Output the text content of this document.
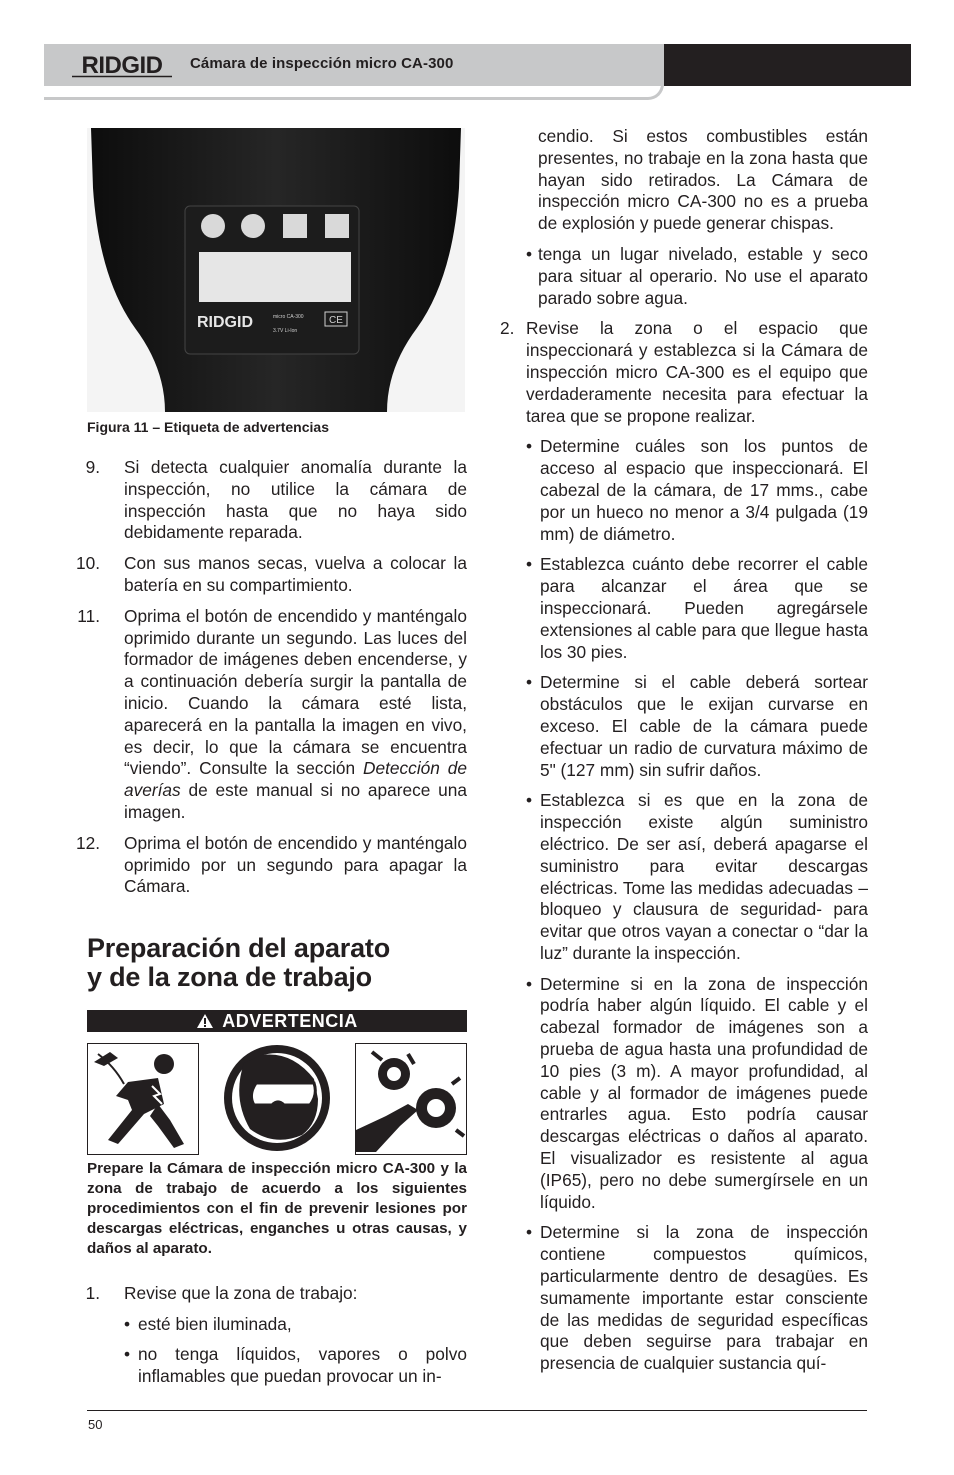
RIDGID Cámara de inspección micro CA-300
RIDGID	micro CA-300
3.7V Li-Ion
CE
Figura 11 – Etiqueta de advertencias
9. Si detecta cualquier anomalía durante la inspección, no utilice la cámara de inspección hasta que no haya sido debidamente reparada.
10. Con sus manos secas, vuelva a colocar la batería en su compartimiento.
11. Oprima el botón de encendido y manténgalo oprimido durante un segundo. Las luces del formador de imágenes deben encenderse, y a continuación debería surgir la pantalla de inicio. Cuando la cámara esté lista, aparecerá en la pantalla la imagen en vivo, es decir, lo que la cámara se encuentra “viendo”. Consulte la sección Detección de averías de este manual si no aparece una imagen.
12. Oprima el botón de encendido y manténgalo oprimido por un segundo para apagar la Cámara.
Preparación del aparato
y de la zona de trabajo
ADVERTENCIA
Prepare la Cámara de inspección micro CA-300 y la zona de trabajo de acuerdo a los siguientes procedimientos con el fin de prevenir lesiones por descargas eléctricas, enganches u otras causas, y daños al aparato.
1. Revise que la zona de trabajo:
• esté bien iluminada,
• no tenga líquidos, vapores o polvo inflamables que puedan provocar un in-
cendio. Si estos combustibles están presentes, no trabaje en la zona hasta que hayan sido retirados. La Cámara de inspección micro CA-300 no es a prueba de explosión y puede generar chispas.
• tenga un lugar nivelado, estable y seco para situar al operario. No use el aparato parado sobre agua.
2. Revise la zona o el espacio que inspeccionará y establezca si la Cámara de inspección micro CA-300 es el equipo que verdaderamente necesita para efectuar la tarea que se propone realizar.
• Determine cuáles son los puntos de acceso al espacio que inspeccionará. El cabezal de la cámara, de 17 mms., cabe por un hueco no menor a 3/4 pulgada (19 mm) de diámetro.
• Establezca cuánto debe recorrer el cable para alcanzar el área que se inspeccionará. Pueden agregársele extensiones al cable para que llegue hasta los 30 pies.
• Determine si el cable deberá sortear obstáculos que le exijan curvarse en exceso. El cable de la cámara puede efectuar un radio de curvatura máximo de 5" (127 mm) sin sufrir daños.
• Establezca si es que en la zona de inspección existe algún suministro eléctrico. De ser así, deberá apagarse el suministro para evitar descargas eléctricas. Tome las medidas adecuadas –bloqueo y clausura de seguridad- para evitar que otros vayan a conectar o “dar la luz” durante la inspección.
• Determine si en la zona de inspección podría haber algún líquido. El cable y el cabezal formador de imágenes son a prueba de agua hasta una profundidad de 10 pies (3 m). A mayor profundidad, al cable y al formador de imágenes puede entrarles agua. Esto podría causar descargas eléctricas o daños al aparato. El visualizador es resistente al agua (IP65), pero no debe sumergírsele en un líquido.
• Determine si la zona de inspección contiene compuestos químicos, particularmente dentro de desagües. Es sumamente importante estar consciente de las medidas de seguridad específicas que deben seguirse para trabajar en presencia de cualquier sustancia quí-
50
